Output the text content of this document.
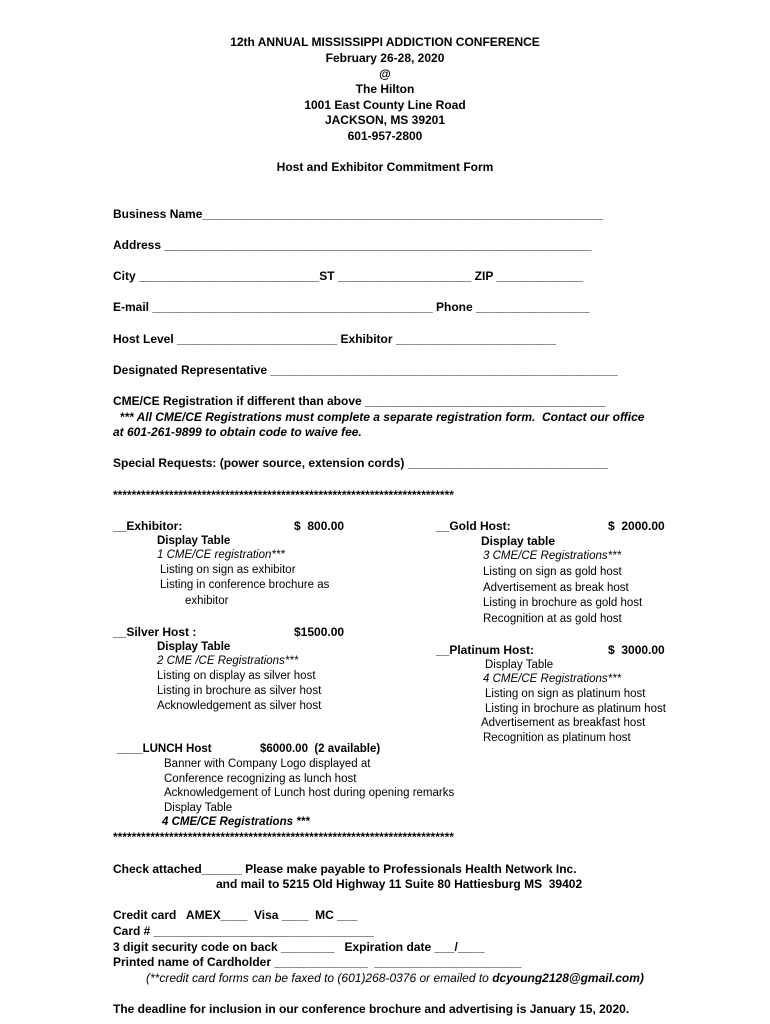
12th ANNUAL MISSISSIPPI ADDICTION CONFERENCE
February 26-28, 2020
@
The Hilton
1001 East County Line Road
JACKSON, MS 39201
601-957-2800
Host and Exhibitor Commitment Form
Business Name____________________________________________________________
Address ________________________________________________________________
City ___________________________ST ____________________ ZIP _____________
E-mail __________________________________________ Phone _________________
Host Level ________________________ Exhibitor ________________________
Designated Representative ____________________________________________________
CME/CE Registration if different than above ____________________________________
*** All CME/CE Registrations must complete a separate registration form.  Contact our office
at 601-261-9899 to obtain code to waive fee.
Special Requests: (power source, extension cords) ______________________________
*************************************************************************
__Exhibitor:	$  800.00
Display Table
1 CME/CE registration***
Listing on sign as exhibitor
Listing in conference brochure as
exhibitor
__Gold Host:	$  2000.00
Display table
3 CME/CE Registrations***
Listing on sign as gold host
Advertisement as break host
Listing in brochure as gold host
Recognition at as gold host
__Silver Host :	$1500.00
Display Table
2 CME /CE Registrations***
Listing on display as silver host
Listing in brochure as silver host
Acknowledgement as silver host
__Platinum Host:	$  3000.00
Display Table
4 CME/CE Registrations***
Listing on sign as platinum host
Listing in brochure as platinum host
Advertisement as breakfast host
Recognition as platinum host
____LUNCH Host	$6000.00  (2 available)
Banner with Company Logo displayed at
Conference recognizing as lunch host
Acknowledgement of Lunch host during opening remarks
Display Table
4 CME/CE Registrations ***
*************************************************************************
Check attached______ Please make payable to Professionals Health Network Inc.
and mail to 5215 Old Highway 11 Suite 80 Hattiesburg MS  39402
Credit card   AMEX____  Visa ____  MC ___
Card # _________________________________
3 digit security code on back ________   Expiration date ___/____
Printed name of Cardholder ______________  ______________________
(**credit card forms can be faxed to (601)268-0376 or emailed to dcyoung2128@gmail.com)
The deadline for inclusion in our conference brochure and advertising is January 15, 2020.
